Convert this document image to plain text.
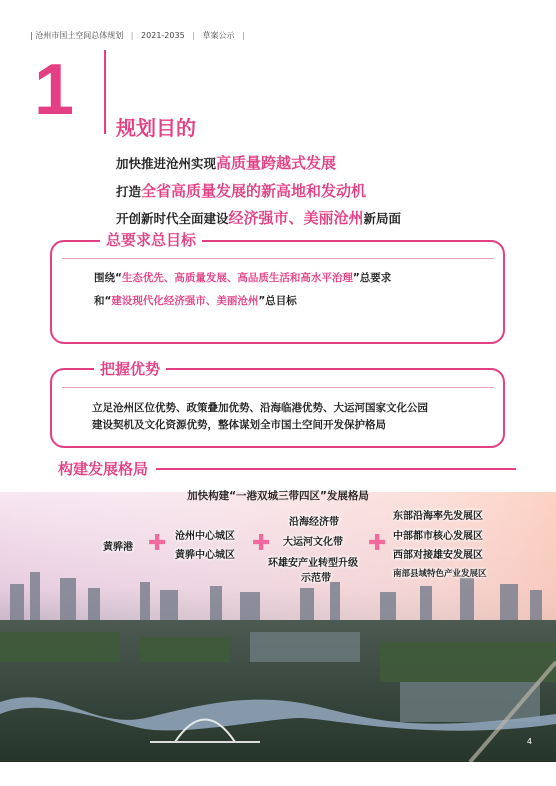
| 沧州市国土空间总体规划 | 2021-2035 | 草案公示 |
1 规划目的
加快推进沧州实现高质量跨越式发展
打造全省高质量发展的新高地和发动机
开创新时代全面建设经济强市、美丽沧州新局面
总要求总目标
围绕“生态优先、高质量发展、高品质生活和高水平治理”总要求
和“建设现代化经济强市、美丽沧州”总目标
把握优势
立足沧州区位优势、政策叠加优势、沿海临港优势、大运河国家文化公园
建设契机及文化资源优势，整体谋划全市国土空间开发保护格局
构建发展格局
加快构建“一港双城三带四区”发展格局
黄骅港 ✚ 沧州中心城区
黄骅中心城区 ✚
沿海经济带
大运河文化带
环雄安产业转型升级
示范带
✚
东部沿海率先发展区
中部都市核心发展区
西部对接雄安发展区
南部县域特色产业发展区
4
